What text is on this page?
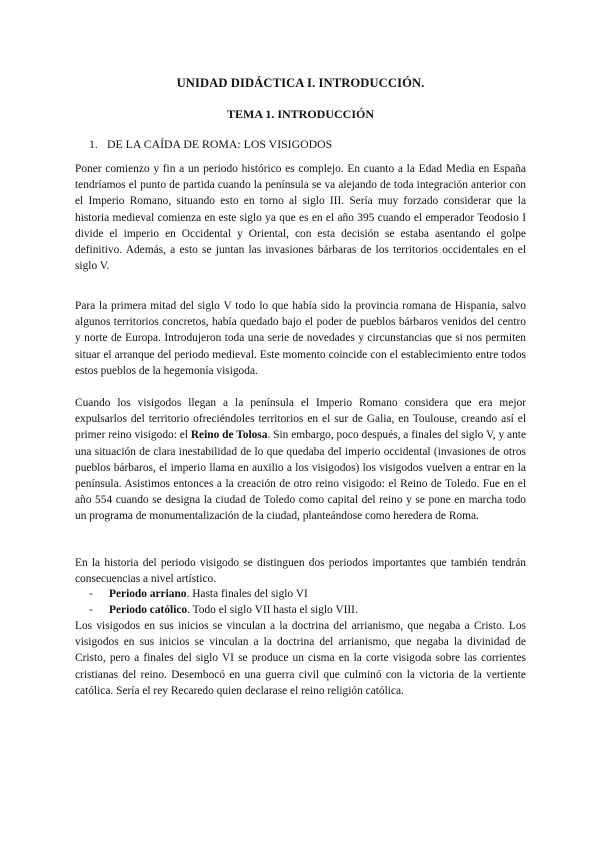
UNIDAD DIDÁCTICA I. INTRODUCCIÓN.
TEMA 1. INTRODUCCIÓN
1. DE LA CAÍDA DE ROMA: LOS VISIGODOS

Poner comienzo y fin a un periodo histórico es complejo. En cuanto a la Edad Media en España tendríamos el punto de partida cuando la península se va alejando de toda integración anterior con el Imperio Romano, situando esto en torno al siglo III. Sería muy forzado considerar que la historia medieval comienza en este siglo ya que es en el año 395 cuando el emperador Teodosio I divide el imperio en Occidental y Oriental, con esta decisión se estaba asentando el golpe definitivo. Además, a esto se juntan las invasiones bárbaras de los territorios occidentales en el siglo V.

Para la primera mitad del siglo V todo lo que había sido la provincia romana de Hispania, salvo algunos territorios concretos, había quedado bajo el poder de pueblos bárbaros venidos del centro y norte de Europa. Introdujeron toda una serie de novedades y circunstancias que si nos permiten situar el arranque del periodo medieval. Este momento coincide con el establecimiento entre todos estos pueblos de la hegemonía visigoda.

Cuando los visigodos llegan a la península el Imperio Romano considera que era mejor expulsarlos del territorio ofreciéndoles territorios en el sur de Galia, en Toulouse, creando así el primer reino visigodo: el Reino de Tolosa. Sin embargo, poco después, a finales del siglo V, y ante una situación de clara inestabilidad de lo que quedaba del imperio occidental (invasiones de otros pueblos bárbaros, el imperio llama en auxilio a los visigodos) los visigodos vuelven a entrar en la península. Asistimos entonces a la creación de otro reino visigodo: el Reino de Toledo. Fue en el año 554 cuando se designa la ciudad de Toledo como capital del reino y se pone en marcha todo un programa de monumentalización de la ciudad, planteándose como heredera de Roma.

En la historia del periodo visigodo se distinguen dos periodos importantes que también tendrán consecuencias a nivel artístico.

- Periodo arriano. Hasta finales del siglo VI
- Periodo católico. Todo el siglo VII hasta el siglo VIII.

Los visigodos en sus inicios se vinculan a la doctrina del arrianismo, que negaba a Cristo. Los visigodos en sus inicios se vinculan a la doctrina del arrianismo, que negaba la divinidad de Cristo, pero a finales del siglo VI se produce un cisma en la corte visigoda sobre las corrientes cristianas del reino. Desembocó en una guerra civil que culminó con la victoria de la vertiente católica. Sería el rey Recaredo quien declarase el reino religión católica.
